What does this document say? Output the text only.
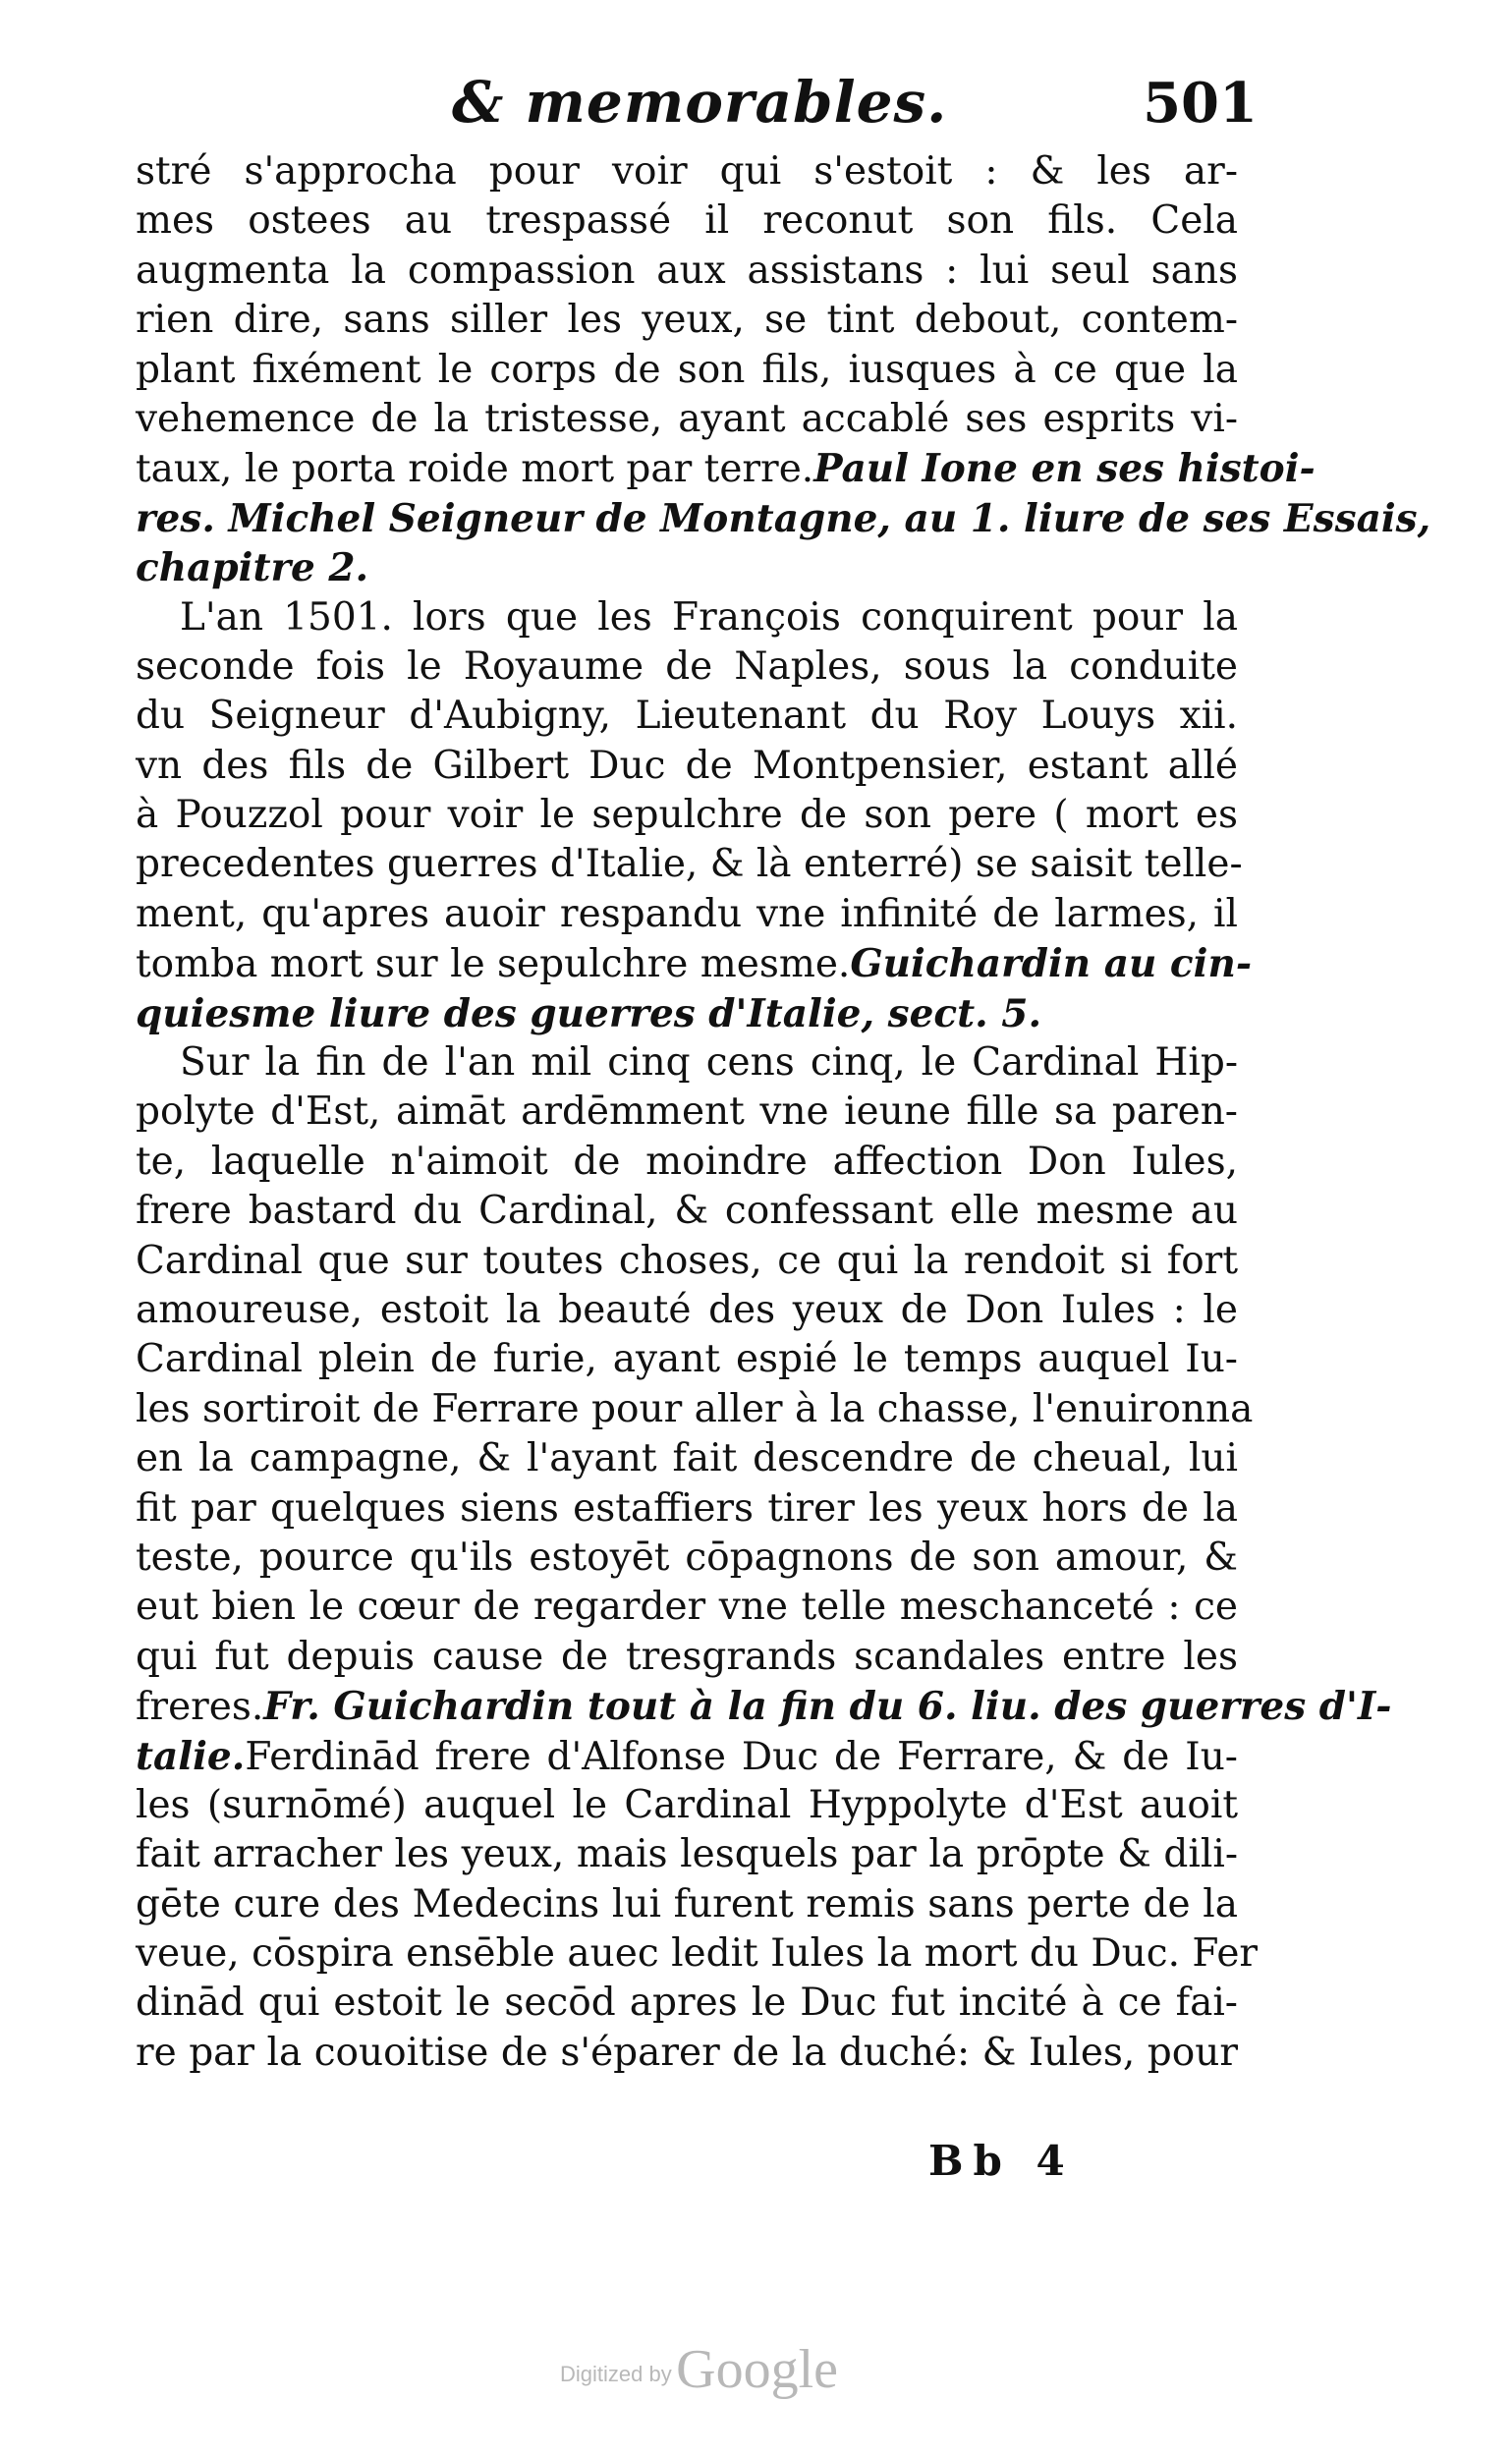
& memorables.	501
stré s'approcha pour voir qui s'estoit : & les ar-
mes ostees au trespassé il reconut son fils. Cela
augmenta la compassion aux assistans : lui seul sans
rien dire, sans siller les yeux, se tint debout, contem-
plant fixément le corps de son fils, iusques à ce que la
vehemence de la tristesse, ayant accablé ses esprits vi-
taux, le porta roide mort par terre.Paul Ione en ses histoi-
res. Michel Seigneur de Montagne, au 1. liure de ses Essais,
chapitre 2.
L'an 1501. lors que les François conquirent pour la
seconde fois le Royaume de Naples, sous la conduite
du Seigneur d'Aubigny, Lieutenant du Roy Louys xii.
vn des fils de Gilbert Duc de Montpensier, estant allé
à Pouzzol pour voir le sepulchre de son pere ( mort es
precedentes guerres d'Italie, & là enterré) se saisit telle-
ment, qu'apres auoir respandu vne infinité de larmes, il
tomba mort sur le sepulchre mesme.Guichardin au cin-
quiesme liure des guerres d'Italie, sect. 5.
Sur la fin de l'an mil cinq cens cinq, le Cardinal Hip-
polyte d'Est, aimāt ardēmment vne ieune fille sa paren-
te, laquelle n'aimoit de moindre affection Don Iules,
frere bastard du Cardinal, & confessant elle mesme au
Cardinal que sur toutes choses, ce qui la rendoit si fort
amoureuse, estoit la beauté des yeux de Don Iules : le
Cardinal plein de furie, ayant espié le temps auquel Iu-
les sortiroit de Ferrare pour aller à la chasse, l'enuironna
en la campagne, & l'ayant fait descendre de cheual, lui
fit par quelques siens estaffiers tirer les yeux hors de la
teste, pource qu'ils estoyēt cōpagnons de son amour, &
eut bien le cœur de regarder vne telle meschanceté : ce
qui fut depuis cause de tresgrands scandales entre les
freres.Fr. Guichardin tout à la fin du 6. liu. des guerres d'I-
talie.Ferdinād frere d'Alfonse Duc de Ferrare, & de Iu-
les (surnōmé) auquel le Cardinal Hyppolyte d'Est auoit
fait arracher les yeux, mais lesquels par la prōpte & dili-
gēte cure des Medecins lui furent remis sans perte de la
veue, cōspira ensēble auec ledit Iules la mort du Duc. Fer
dinād qui estoit le secōd apres le Duc fut incité à ce fai-
re par la couoitise de s'éparer de la duché: & Iules, pour
Bb 4
Digitized by Google
